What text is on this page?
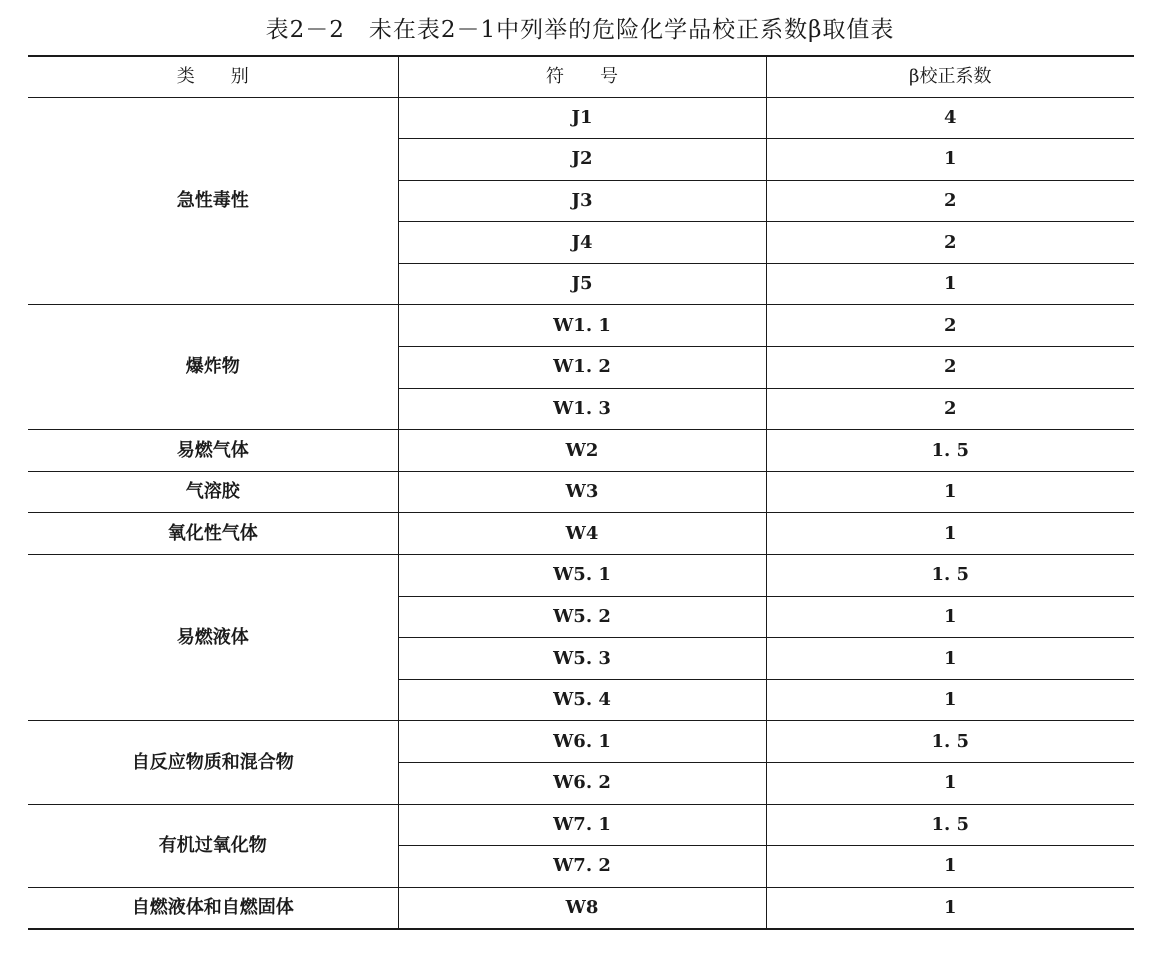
表2－2　未在表2－1中列举的危险化学品校正系数β取值表
类　　别	符　　号	β校正系数
急性毒性	J1	4
	J2	1
	J3	2
	J4	2
	J5	1
爆炸物	W1. 1	2
	W1. 2	2
	W1. 3	2
易燃气体	W2	1. 5
气溶胶	W3	1
氧化性气体	W4	1
易燃液体	W5. 1	1. 5
	W5. 2	1
	W5. 3	1
	W5. 4	1
自反应物质和混合物	W6. 1	1. 5
	W6. 2	1
有机过氧化物	W7. 1	1. 5
	W7. 2	1
自燃液体和自燃固体	W8	1
